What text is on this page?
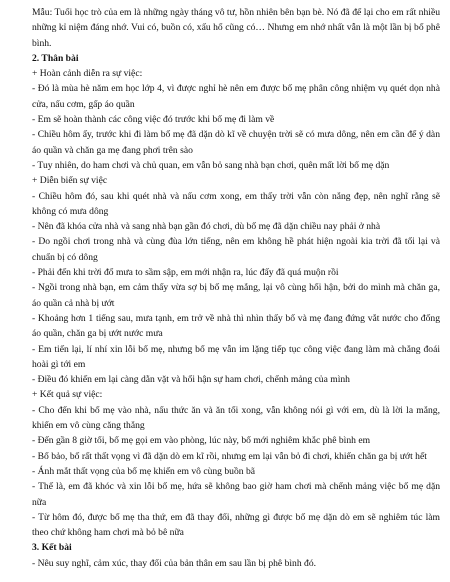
Mẫu: Tuổi học trò của em là những ngày tháng vô tư, hồn nhiên bên bạn bè. Nó đã để lại cho em rất nhiều những kỉ niệm đáng nhớ. Vui có, buồn có, xấu hổ cũng có… Nhưng em nhớ nhất vẫn là một lần bị bố phê bình.

2. Thân bài

+ Hoàn cảnh diễn ra sự việc:

- Đó là mùa hè năm em học lớp 4, vì được nghỉ hè nên em được bố mẹ phân công nhiệm vụ quét dọn nhà cửa, nấu cơm, gấp áo quần

- Em sẽ hoàn thành các công việc đó trước khi bố mẹ đi làm về

- Chiều hôm ấy, trước khi đi làm bố mẹ đã dặn dò kĩ về chuyện trời sẽ có mưa dông, nên em cần để ý dàn áo quần và chăn ga mẹ đang phơi trên sào

- Tuy nhiên, do ham chơi và chủ quan, em vẫn bỏ sang nhà bạn chơi, quên mất lời bố mẹ dặn

+ Diễn biến sự việc

- Chiều hôm đó, sau khi quét nhà và nấu cơm xong, em thấy trời vẫn còn nắng đẹp, nên nghĩ rằng sẽ không có mưa dông

- Nên đã khóa cửa nhà và sang nhà bạn gần đó chơi, dù bố mẹ đã dặn chiều nay phải ở nhà

- Do ngồi chơi trong nhà và cùng đùa lớn tiếng, nên em không hề phát hiện ngoài kia trời đã tối lại và chuẩn bị có dông

- Phải đến khi trời đổ mưa to sầm sập, em mới nhận ra, lúc đấy đã quá muộn rồi

- Ngồi trong nhà bạn, em cảm thấy vừa sợ bị bố mẹ mắng, lại vô cùng hối hận, bởi do mình mà chăn ga, áo quần cả nhà bị ướt

- Khoảng hơn 1 tiếng sau, mưa tạnh, em trở về nhà thì nhìn thấy bố và mẹ đang đứng vắt nước cho đống áo quần, chăn ga bị ướt nước mưa

- Em tiến lại, lí nhí xin lỗi bố mẹ, nhưng bố mẹ vẫn im lặng tiếp tục công việc đang làm mà chẳng đoái hoài gì tới em

- Điều đó khiến em lại càng dằn vặt và hối hận sự ham chơi, chểnh mảng của mình

+ Kết quả sự việc:

- Cho đến khi bố mẹ vào nhà, nấu thức ăn và ăn tối xong, vẫn không nói gì với em, dù là lời la mắng, khiến em vô cùng căng thẳng

- Đến gần 8 giờ tối, bố mẹ gọi em vào phòng, lúc này, bố mới nghiêm khắc phê bình em

- Bố bảo, bố rất thất vọng vì đã dặn dò em kĩ rồi, nhưng em lại vẫn bỏ đi chơi, khiến chăn ga bị ướt hết

- Ánh mắt thất vọng của bố mẹ khiến em vô cùng buồn bã

- Thế là, em đã khóc và xin lỗi bố mẹ, hứa sẽ không bao giờ ham chơi mà chểnh mảng việc bố mẹ dặn nữa

- Từ hôm đó, được bố mẹ tha thứ, em đã thay đổi, những gì được bố mẹ dặn dò em sẽ nghiêm túc làm theo chứ không ham chơi mà bỏ bê nữa

3. Kết bài

- Nêu suy nghĩ, cảm xúc, thay đổi của bản thân em sau lần bị phê bình đó.
